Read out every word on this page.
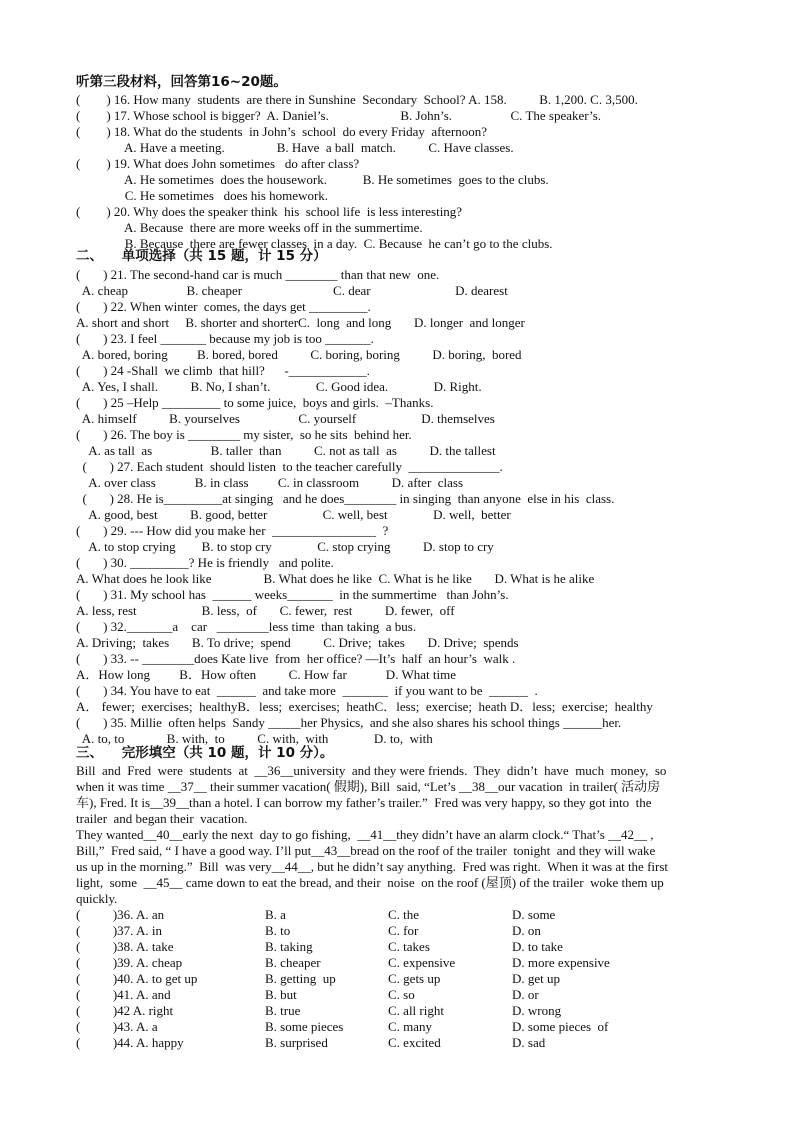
听第三段材料，回答第16~20题。
(        ) 16. How many  students  are there in Sunshine  Secondary  School? A. 158.          B. 1,200. C. 3,500.
(        ) 17. Whose school is bigger?  A. Daniel’s.                      B. John’s.                  C. The speaker’s.
(        ) 18. What do the students  in John’s  school  do every Friday  afternoon?
A. Have a meeting.                B. Have  a ball  match.          C. Have classes.
(        ) 19. What does John sometimes   do after class?
A. He sometimes  does the housework.           B. He sometimes  goes to the clubs.
C. He sometimes   does his homework.
(        ) 20. Why does the speaker think  his  school life  is less interesting?
A. Because  there are more weeks off in the summertime.
B. Because  there are fewer classes  in a day.  C. Because  he can’t go to the clubs.
二、    单项选择（共 15 题，计 15 分）
(       ) 21. The second-hand car is much ________ than that new  one.
A. cheap                  B. cheaper                            C. dear                          D. dearest
(       ) 22. When winter  comes, the days get _________.
A. short and short     B. shorter and shorterC.  long  and long       D. longer  and longer
(       ) 23. I feel _______ because my job is too _______.
A. bored, boring         B. bored, bored          C. boring, boring          D. boring,  bored
(       ) 24 -Shall  we climb  that hill?      -____________.
A. Yes, I shall.          B. No, I shan’t.              C. Good idea.              D. Right.
(       ) 25 –Help _________ to some juice,  boys and girls.  –Thanks.
A. himself          B. yourselves                  C. yourself                    D. themselves
(       ) 26. The boy is ________ my sister,  so he sits  behind her.
A. as tall  as                  B. taller  than          C. not as tall  as          D. the tallest
(       ) 27. Each student  should listen  to the teacher carefully  ______________.
A. over class            B. in class         C. in classroom          D. after  class
(       ) 28. He is_________at singing   and he does________ in singing  than anyone  else in his  class.
A. good, best          B. good, better                 C. well, best              D. well,  better
(       ) 29. --- How did you make her  ________________  ?
A. to stop crying        B. to stop cry              C. stop crying          D. stop to cry
(       ) 30. _________? He is friendly   and polite.
A. What does he look like                B. What does he like  C. What is he like       D. What is he alike
(       ) 31. My school has  ______ weeks_______  in the summertime   than John’s.
A. less, rest                    B. less,  of       C. fewer,  rest          D. fewer,  off
(       ) 32._______a    car   ________less time  than taking  a bus.
A. Driving;  takes       B. To drive;  spend          C. Drive;  takes       D. Drive;  spends
(       ) 33. -- ________does Kate live  from  her office? —It’s  half  an hour’s  walk .
A．How long         B．How often          C. How far            D. What time
(       ) 34. You have to eat  ______  and take more  _______  if you want to be  ______  .
A． fewer;  exercises;  healthyB．less;  exercises;  heathC．less;  exercise;  heath D．less;  exercise;  healthy
(       ) 35. Millie  often helps  Sandy _____her Physics,  and she also shares his school things ______her.
A. to, to             B. with,  to          C. with,  with              D. to,  with
三、    完形填空（共 10 题，计 10 分）。
Bill  and  Fred  were  students  at  __36__university  and they were friends.  They  didn’t  have  much  money,  so
when it was time __37__ their summer vacation( 假期), Bill  said, “Let’s __38__our vacation  in trailer( 活动房
车), Fred. It is__39__than a hotel. I can borrow my father’s trailer.”  Fred was very happy, so they got into  the
trailer  and began their  vacation.
They wanted__40__early the next  day to go fishing,  __41__they didn’t have an alarm clock.“ That’s __42__ ,
Bill,”  Fred said, “ I have a good way. I’ll put__43__bread on the roof of the trailer  tonight  and they will wake
us up in the morning.”  Bill  was very__44__, but he didn’t say anything.  Fred was right.  When it was at the first
light,  some  __45__ came down to eat the bread, and their  noise  on the roof (屋顶) of the trailer  woke them up
quickly.
(          )36. A. an	B. a	C. the	D. some
(          )37. A. in	B. to	C. for	D. on
(          )38. A. take	B. taking	C. takes	D. to take
(          )39. A. cheap	B. cheaper	C. expensive	D. more expensive
(          )40. A. to get up	B. getting  up	C. gets up	D. get up
(          )41. A. and	B. but	C. so	D. or
(          )42 A. right	B. true	C. all right	D. wrong
(          )43. A. a	B. some pieces	C. many	D. some pieces  of
(          )44. A. happy	B. surprised	C. excited	D. sad
